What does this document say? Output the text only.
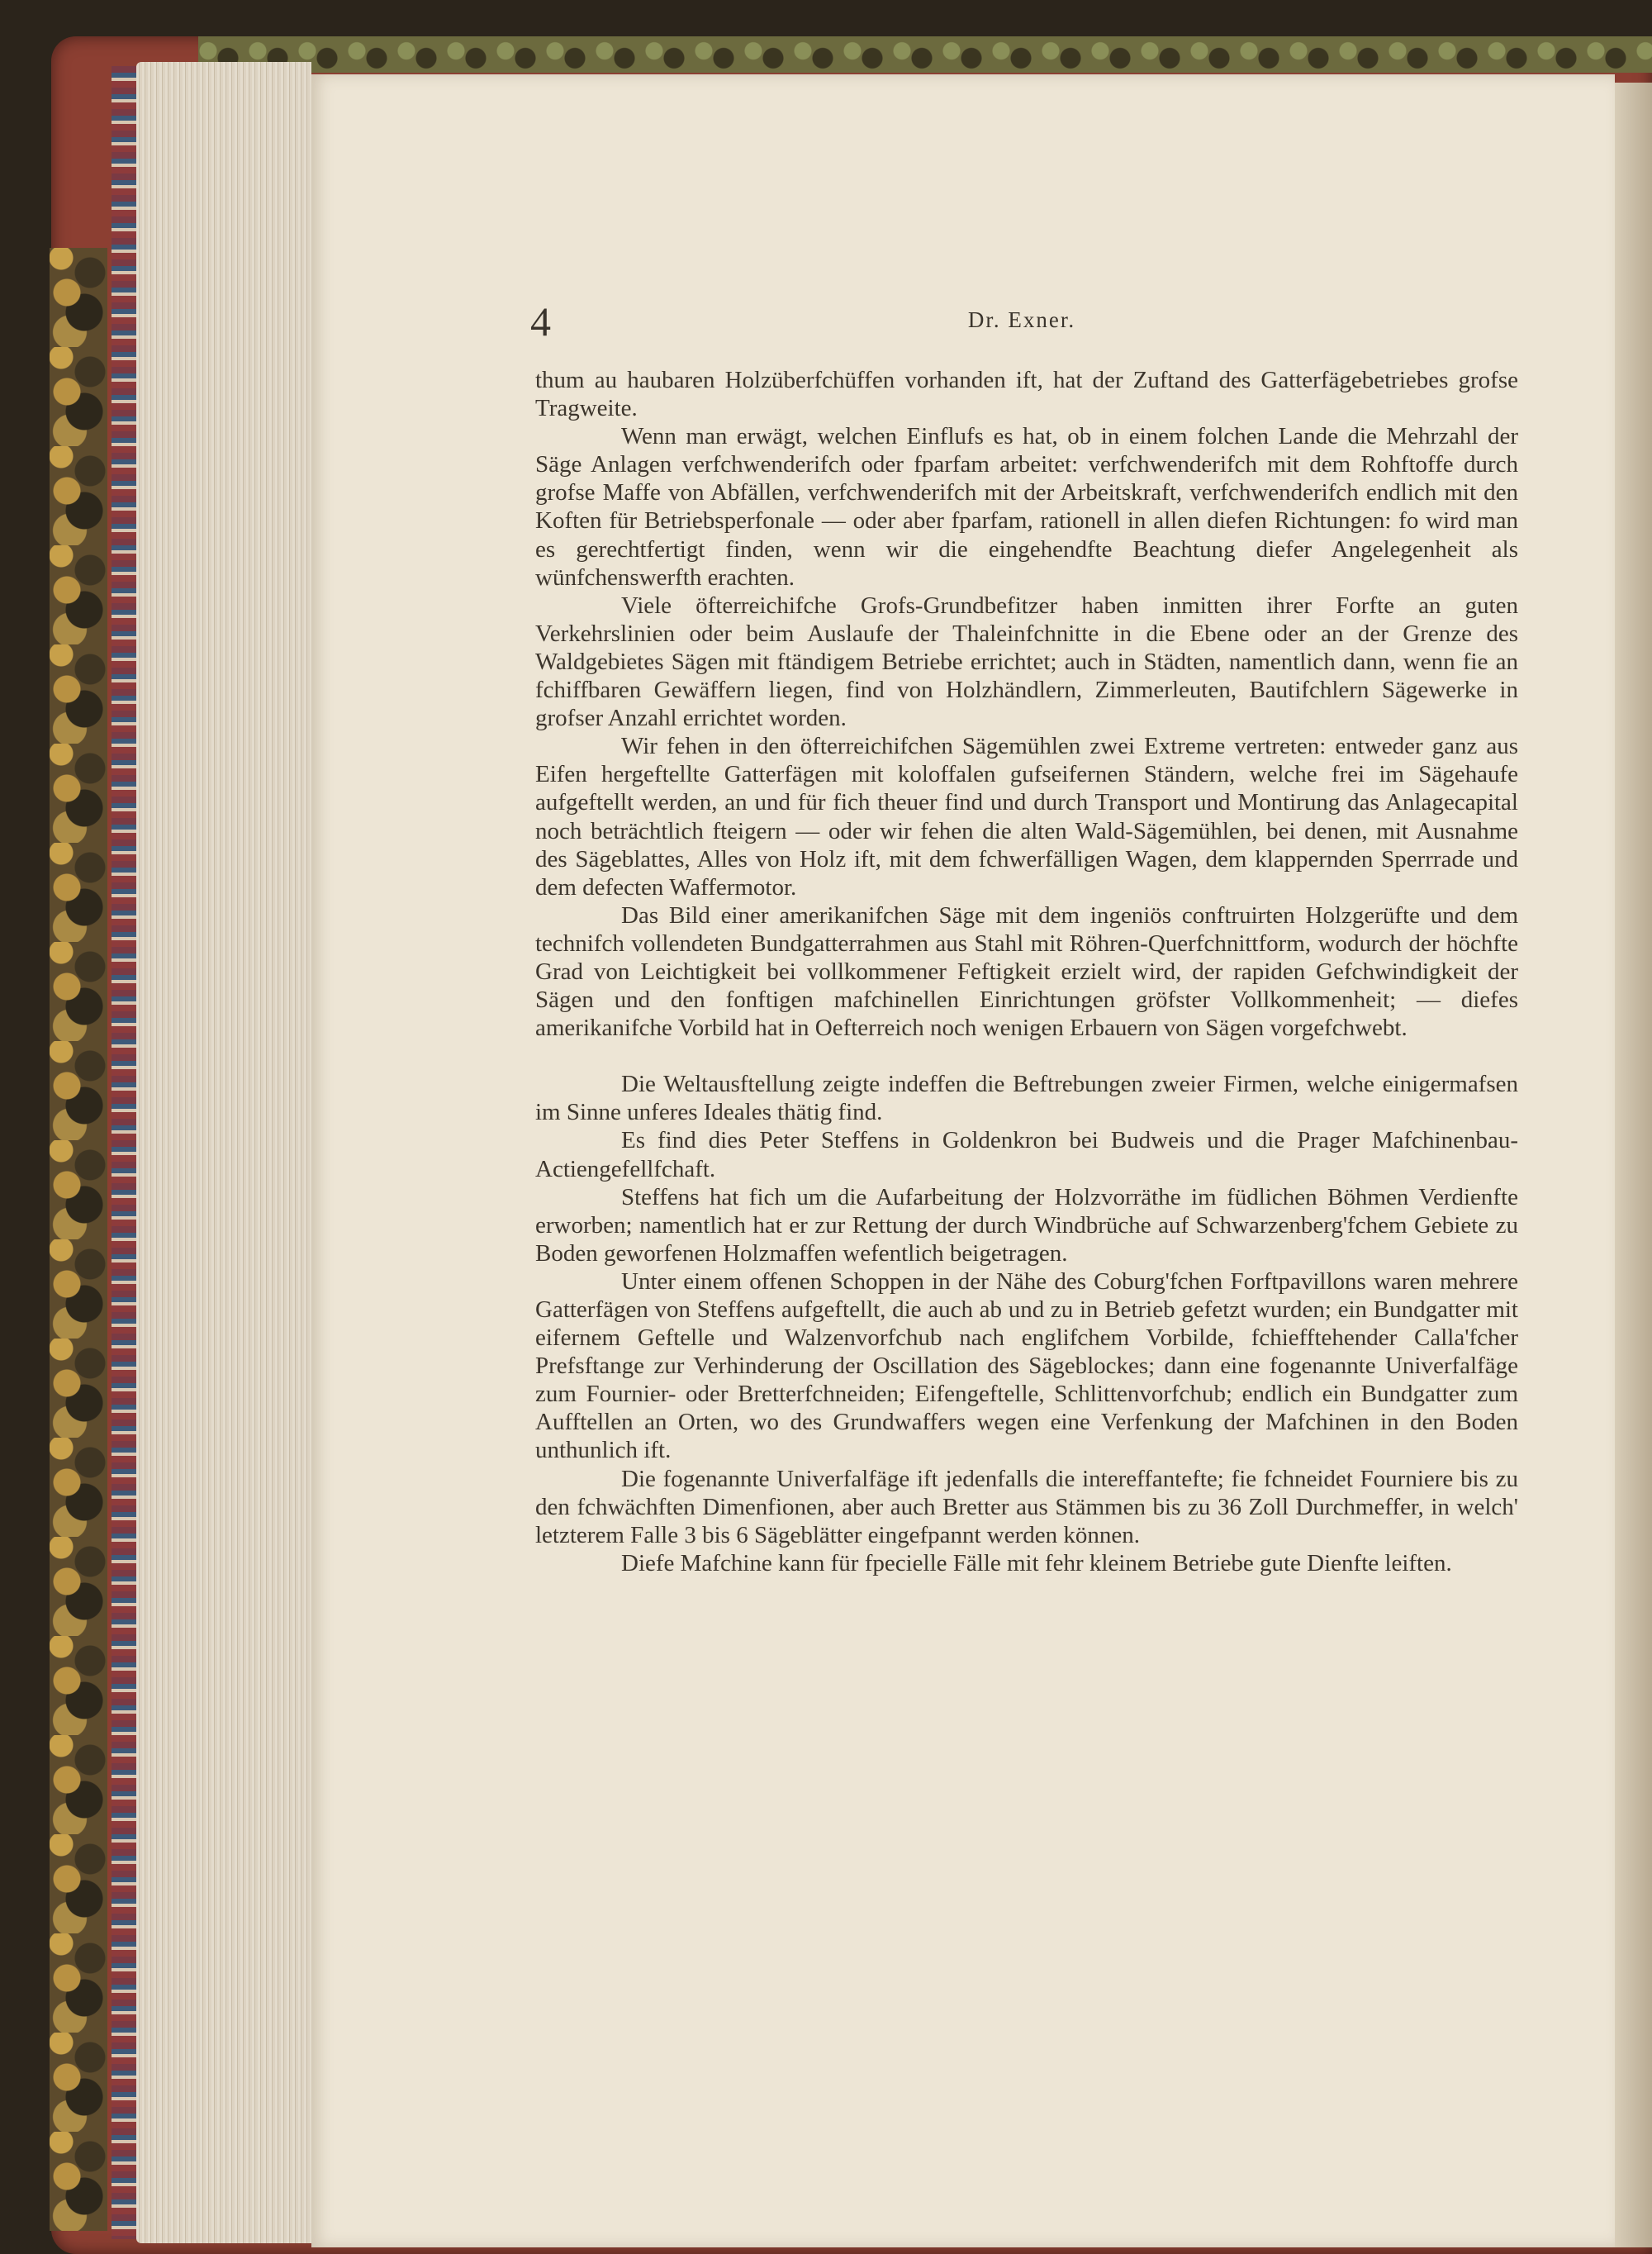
4	Dr. Exner.

thum au haubaren Holzüberfchüffen vorhanden ift, hat der Zuftand des Gatterfägebetriebes grofse Tragweite.

Wenn man erwägt, welchen Einflufs es hat, ob in einem folchen Lande die Mehrzahl der Säge Anlagen verfchwenderifch oder fparfam arbeitet: verfchwenderifch mit dem Rohftoffe durch grofse Maffe von Abfällen, verfchwenderifch mit der Arbeitskraft, verfchwenderifch endlich mit den Koften für Betriebsperfonale — oder aber fparfam, rationell in allen diefen Richtungen: fo wird man es gerechtfertigt finden, wenn wir die eingehendfte Beachtung diefer Angelegenheit als wünfchenswerfth erachten.

Viele öfterreichifche Grofs-Grundbefitzer haben inmitten ihrer Forfte an guten Verkehrslinien oder beim Auslaufe der Thaleinfchnitte in die Ebene oder an der Grenze des Waldgebietes Sägen mit ftändigem Betriebe errichtet; auch in Städten, namentlich dann, wenn fie an fchiffbaren Gewäffern liegen, find von Holzhändlern, Zimmerleuten, Bautifchlern Sägewerke in grofser Anzahl errichtet worden.

Wir fehen in den öfterreichifchen Sägemühlen zwei Extreme vertreten: entweder ganz aus Eifen hergeftellte Gatterfägen mit koloffalen gufseifernen Ständern, welche frei im Sägehaufe aufgeftellt werden, an und für fich theuer find und durch Transport und Montirung das Anlagecapital noch beträchtlich fteigern — oder wir fehen die alten Wald-Sägemühlen, bei denen, mit Ausnahme des Sägeblattes, Alles von Holz ift, mit dem fchwerfälligen Wagen, dem klappernden Sperrrade und dem defecten Waffermotor.

Das Bild einer amerikanifchen Säge mit dem ingeniös conftruirten Holzgerüfte und dem technifch vollendeten Bundgatterrahmen aus Stahl mit Röhren-Querfchnittform, wodurch der höchfte Grad von Leichtigkeit bei vollkommener Feftigkeit erzielt wird, der rapiden Gefchwindigkeit der Sägen und den fonftigen mafchinellen Einrichtungen gröfster Vollkommenheit; — diefes amerikanifche Vorbild hat in Oefterreich noch wenigen Erbauern von Sägen vorgefchwebt.

Die Weltausftellung zeigte indeffen die Beftrebungen zweier Firmen, welche einigermafsen im Sinne unferes Ideales thätig find.

Es find dies Peter Steffens in Goldenkron bei Budweis und die Prager Mafchinenbau-Actiengefellfchaft.

Steffens hat fich um die Aufarbeitung der Holzvorräthe im füdlichen Böhmen Verdienfte erworben; namentlich hat er zur Rettung der durch Windbrüche auf Schwarzenberg'fchem Gebiete zu Boden geworfenen Holzmaffen wefentlich beigetragen.

Unter einem offenen Schoppen in der Nähe des Coburg'fchen Forftpavillons waren mehrere Gatterfägen von Steffens aufgeftellt, die auch ab und zu in Betrieb gefetzt wurden; ein Bundgatter mit eifernem Geftelle und Walzenvorfchub nach englifchem Vorbilde, fchiefftehender Calla'fcher Prefsftange zur Verhinderung der Oscillation des Sägeblockes; dann eine fogenannte Univerfalfäge zum Fournier- oder Bretterfchneiden; Eifengeftelle, Schlittenvorfchub; endlich ein Bundgatter zum Aufftellen an Orten, wo des Grundwaffers wegen eine Verfenkung der Mafchinen in den Boden unthunlich ift.

Die fogenannte Univerfalfäge ift jedenfalls die intereffantefte; fie fchneidet Fourniere bis zu den fchwächften Dimenfionen, aber auch Bretter aus Stämmen bis zu 36 Zoll Durchmeffer, in welch' letzterem Falle 3 bis 6 Sägeblätter eingefpannt werden können.

Diefe Mafchine kann für fpecielle Fälle mit fehr kleinem Betriebe gute Dienfte leiften.
